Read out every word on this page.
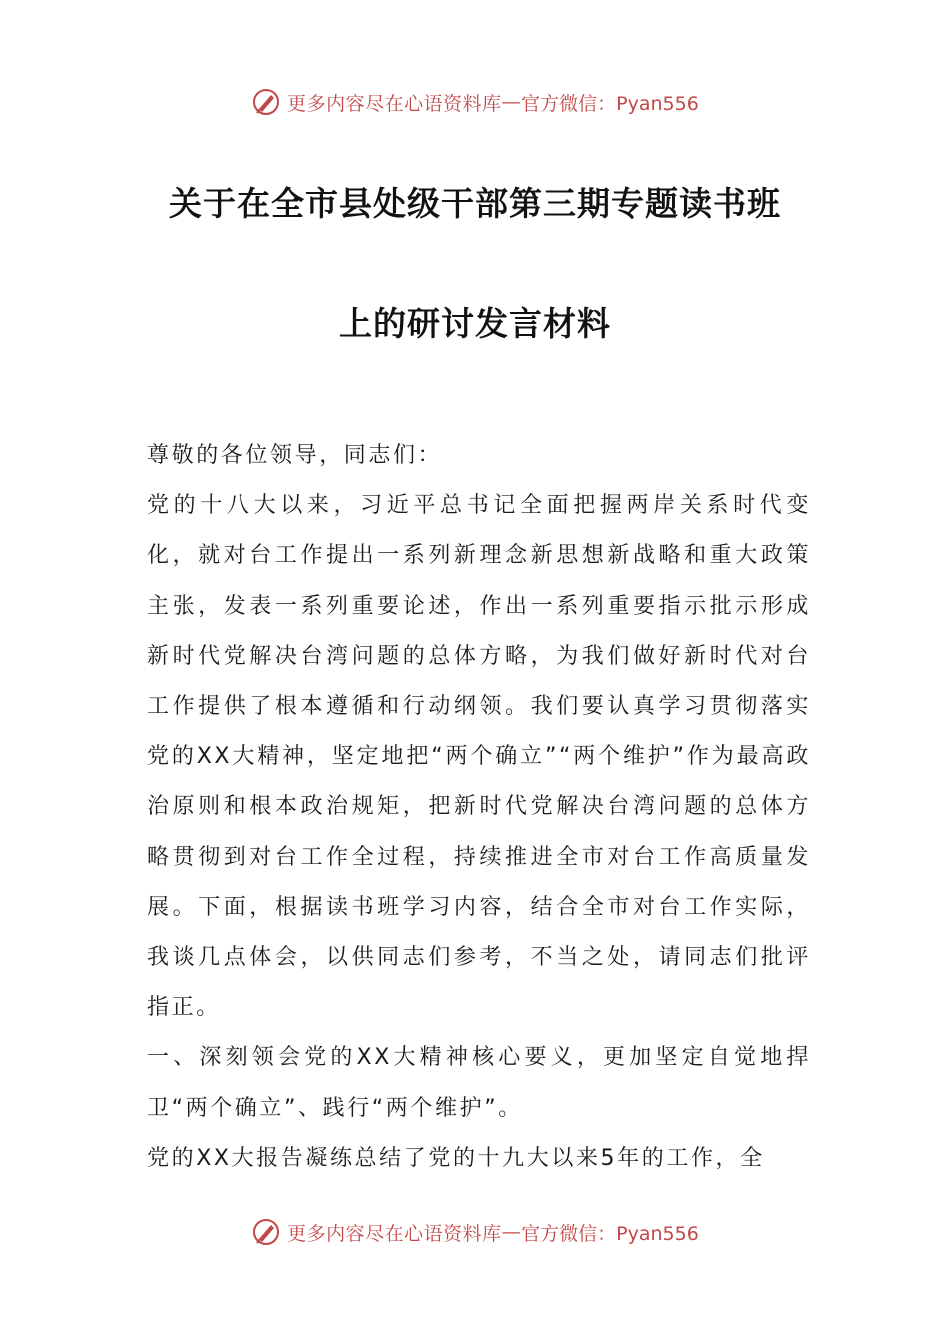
更多内容尽在心语资料库 — 官方微信：Pyan556
关于在全市县处级干部第三期专题读书班
上的研讨发言材料

尊敬的各位领导，同志们：

党的十八大以来，习近平总书记全面把握两岸关系时代变化，就对台工作提出一系列新理念新思想新战略和重大政策主张，发表一系列重要论述，作出一系列重要指示批示形成新时代党解决台湾问题的总体方略，为我们做好新时代对台工作提供了根本遵循和行动纲领。我们要认真学习贯彻落实党的XX大精神，坚定地把“两个确立”“两个维护”作为最高政治原则和根本政治规矩，把新时代党解决台湾问题的总体方略贯彻到对台工作全过程，持续推进全市对台工作高质量发展。下面，根据读书班学习内容，结合全市对台工作实际，我谈几点体会，以供同志们参考，不当之处，请同志们批评指正。

一、深刻领会党的XX大精神核心要义，更加坚定自觉地捍卫“两个确立”、践行“两个维护”。

党的XX大报告凝练总结了党的十九大以来5年的工作，全

更多内容尽在心语资料库 — 官方微信：Pyan556
